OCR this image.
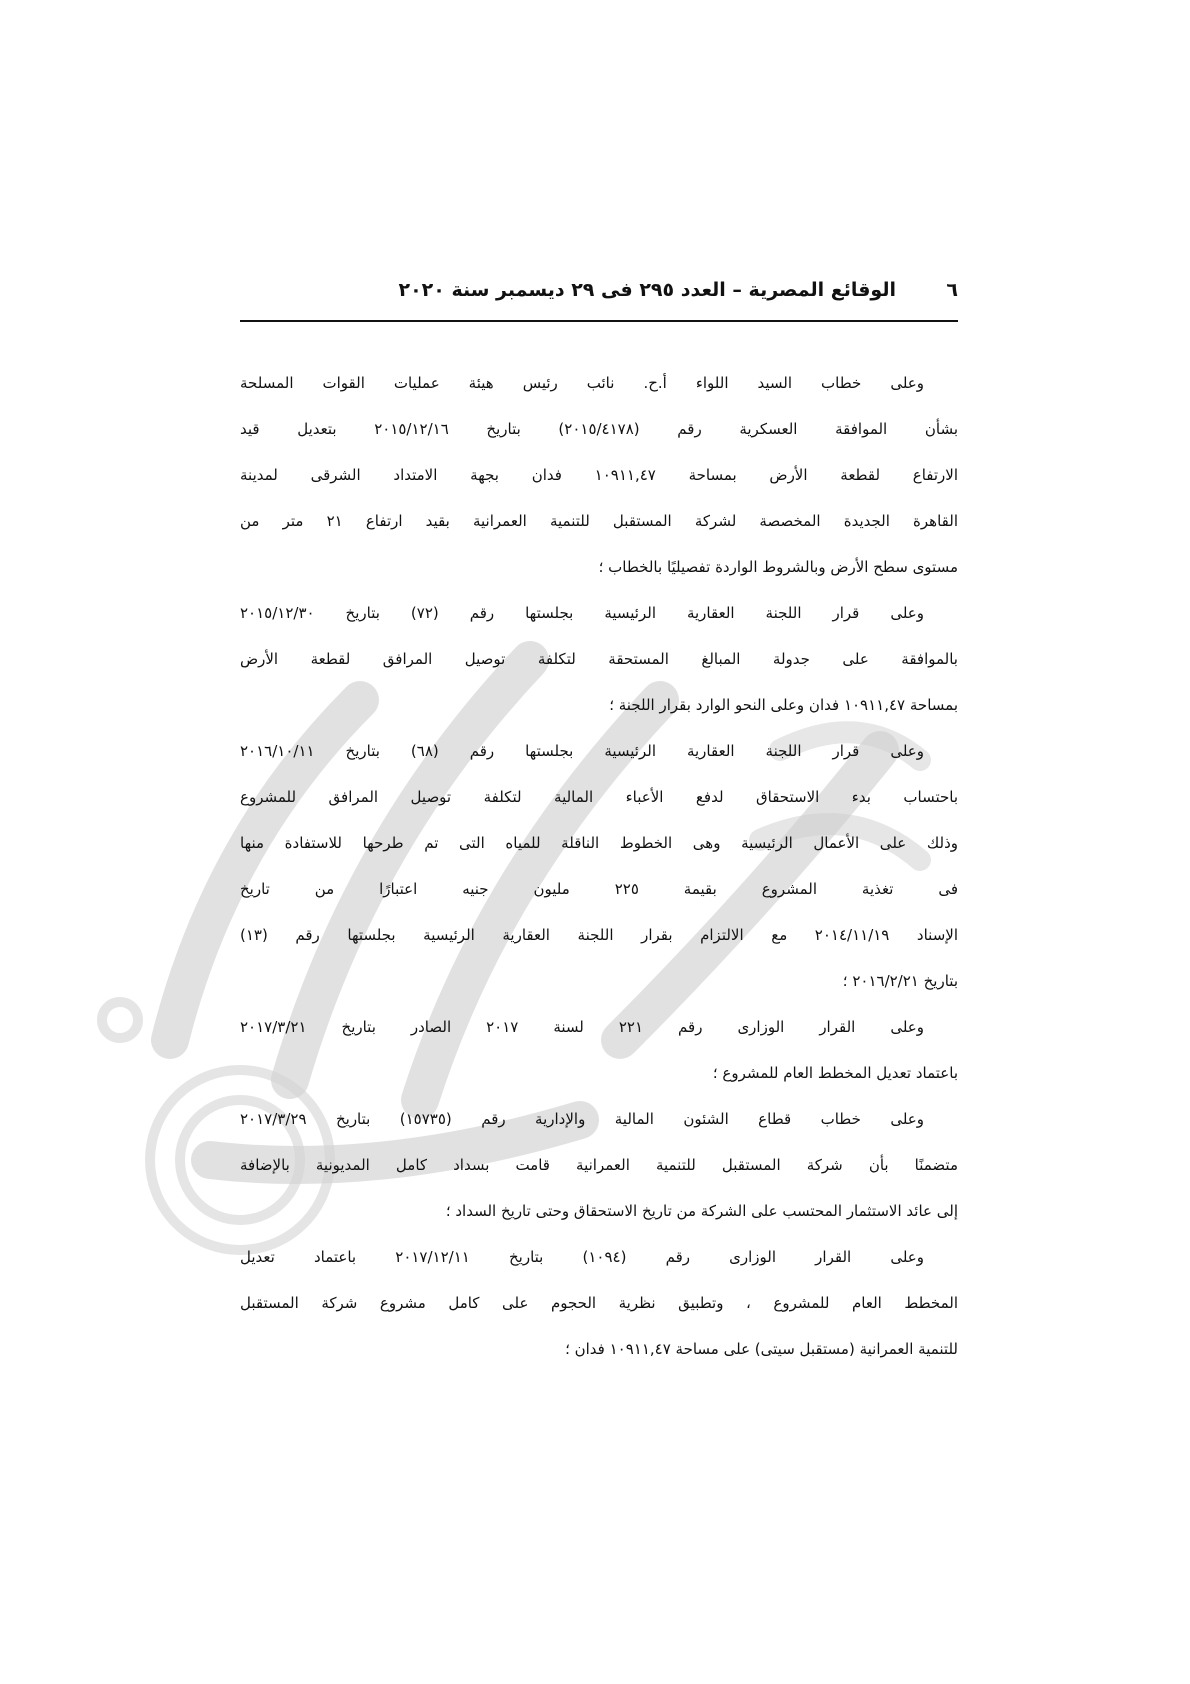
٦
الوقائع المصرية – العدد ٢٩٥ فى ٢٩ ديسمبر سنة ٢٠٢٠
وعلى خطاب السيد اللواء أ.ح. نائب رئيس هيئة عمليات القوات المسلحة
بشأن الموافقة العسكرية رقم (٢٠١٥/٤١٧٨) بتاريخ ٢٠١٥/١٢/١٦ بتعديل قيد
الارتفاع لقطعة الأرض بمساحة ١٠٩١١,٤٧ فدان بجهة الامتداد الشرقى لمدينة
القاهرة الجديدة المخصصة لشركة المستقبل للتنمية العمرانية بقيد ارتفاع ٢١ متر من
مستوى سطح الأرض وبالشروط الواردة تفصيليًا بالخطاب ؛
وعلى قرار اللجنة العقارية الرئيسية بجلستها رقم (٧٢) بتاريخ ٢٠١٥/١٢/٣٠
بالموافقة على جدولة المبالغ المستحقة لتكلفة توصيل المرافق لقطعة الأرض
بمساحة ١٠٩١١,٤٧ فدان وعلى النحو الوارد بقرار اللجنة ؛
وعلى قرار اللجنة العقارية الرئيسية بجلستها رقم (٦٨) بتاريخ ٢٠١٦/١٠/١١
باحتساب بدء الاستحقاق لدفع الأعباء المالية لتكلفة توصيل المرافق للمشروع
وذلك على الأعمال الرئيسية وهى الخطوط الناقلة للمياه التى تم طرحها للاستفادة منها
فى تغذية المشروع بقيمة ٢٢٥ مليون جنيه اعتبارًا من تاريخ
الإسناد ٢٠١٤/١١/١٩ مع الالتزام بقرار اللجنة العقارية الرئيسية بجلستها رقم (١٣)
بتاريخ ٢٠١٦/٢/٢١ ؛
وعلى القرار الوزارى رقم ٢٢١ لسنة ٢٠١٧ الصادر بتاريخ ٢٠١٧/٣/٢١
باعتماد تعديل المخطط العام للمشروع ؛
وعلى خطاب قطاع الشئون المالية والإدارية رقم (١٥٧٣٥) بتاريخ ٢٠١٧/٣/٢٩
متضمنًا بأن شركة المستقبل للتنمية العمرانية قامت بسداد كامل المديونية بالإضافة
إلى عائد الاستثمار المحتسب على الشركة من تاريخ الاستحقاق وحتى تاريخ السداد ؛
وعلى القرار الوزارى رقم (١٠٩٤) بتاريخ ٢٠١٧/١٢/١١ باعتماد تعديل
المخطط العام للمشروع ، وتطبيق نظرية الحجوم على كامل مشروع شركة المستقبل
للتنمية العمرانية (مستقبل سيتى) على مساحة ١٠٩١١,٤٧ فدان ؛
